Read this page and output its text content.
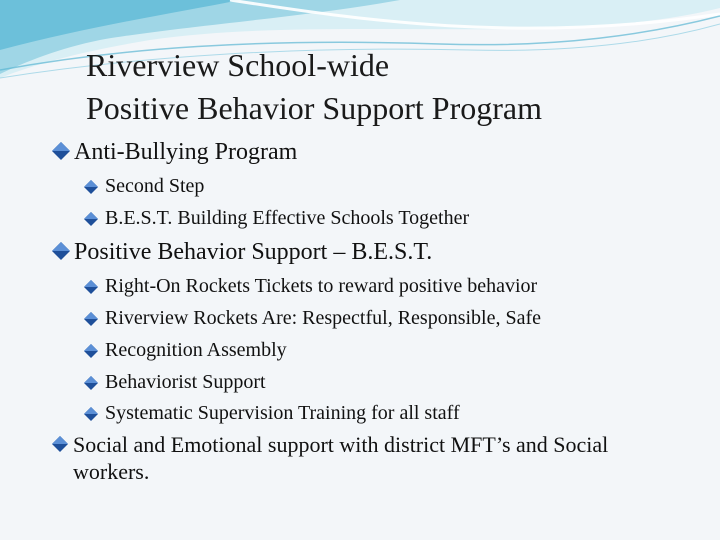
Riverview School-wide
Positive Behavior Support Program
Anti-Bullying Program
Second Step
B.E.S.T. Building Effective Schools Together
Positive Behavior Support – B.E.S.T.
Right-On Rockets Tickets to reward positive behavior
Riverview Rockets Are: Respectful, Responsible, Safe
Recognition Assembly
Behaviorist Support
Systematic Supervision Training for all staff
Social and Emotional support with district MFT’s and Social workers.
